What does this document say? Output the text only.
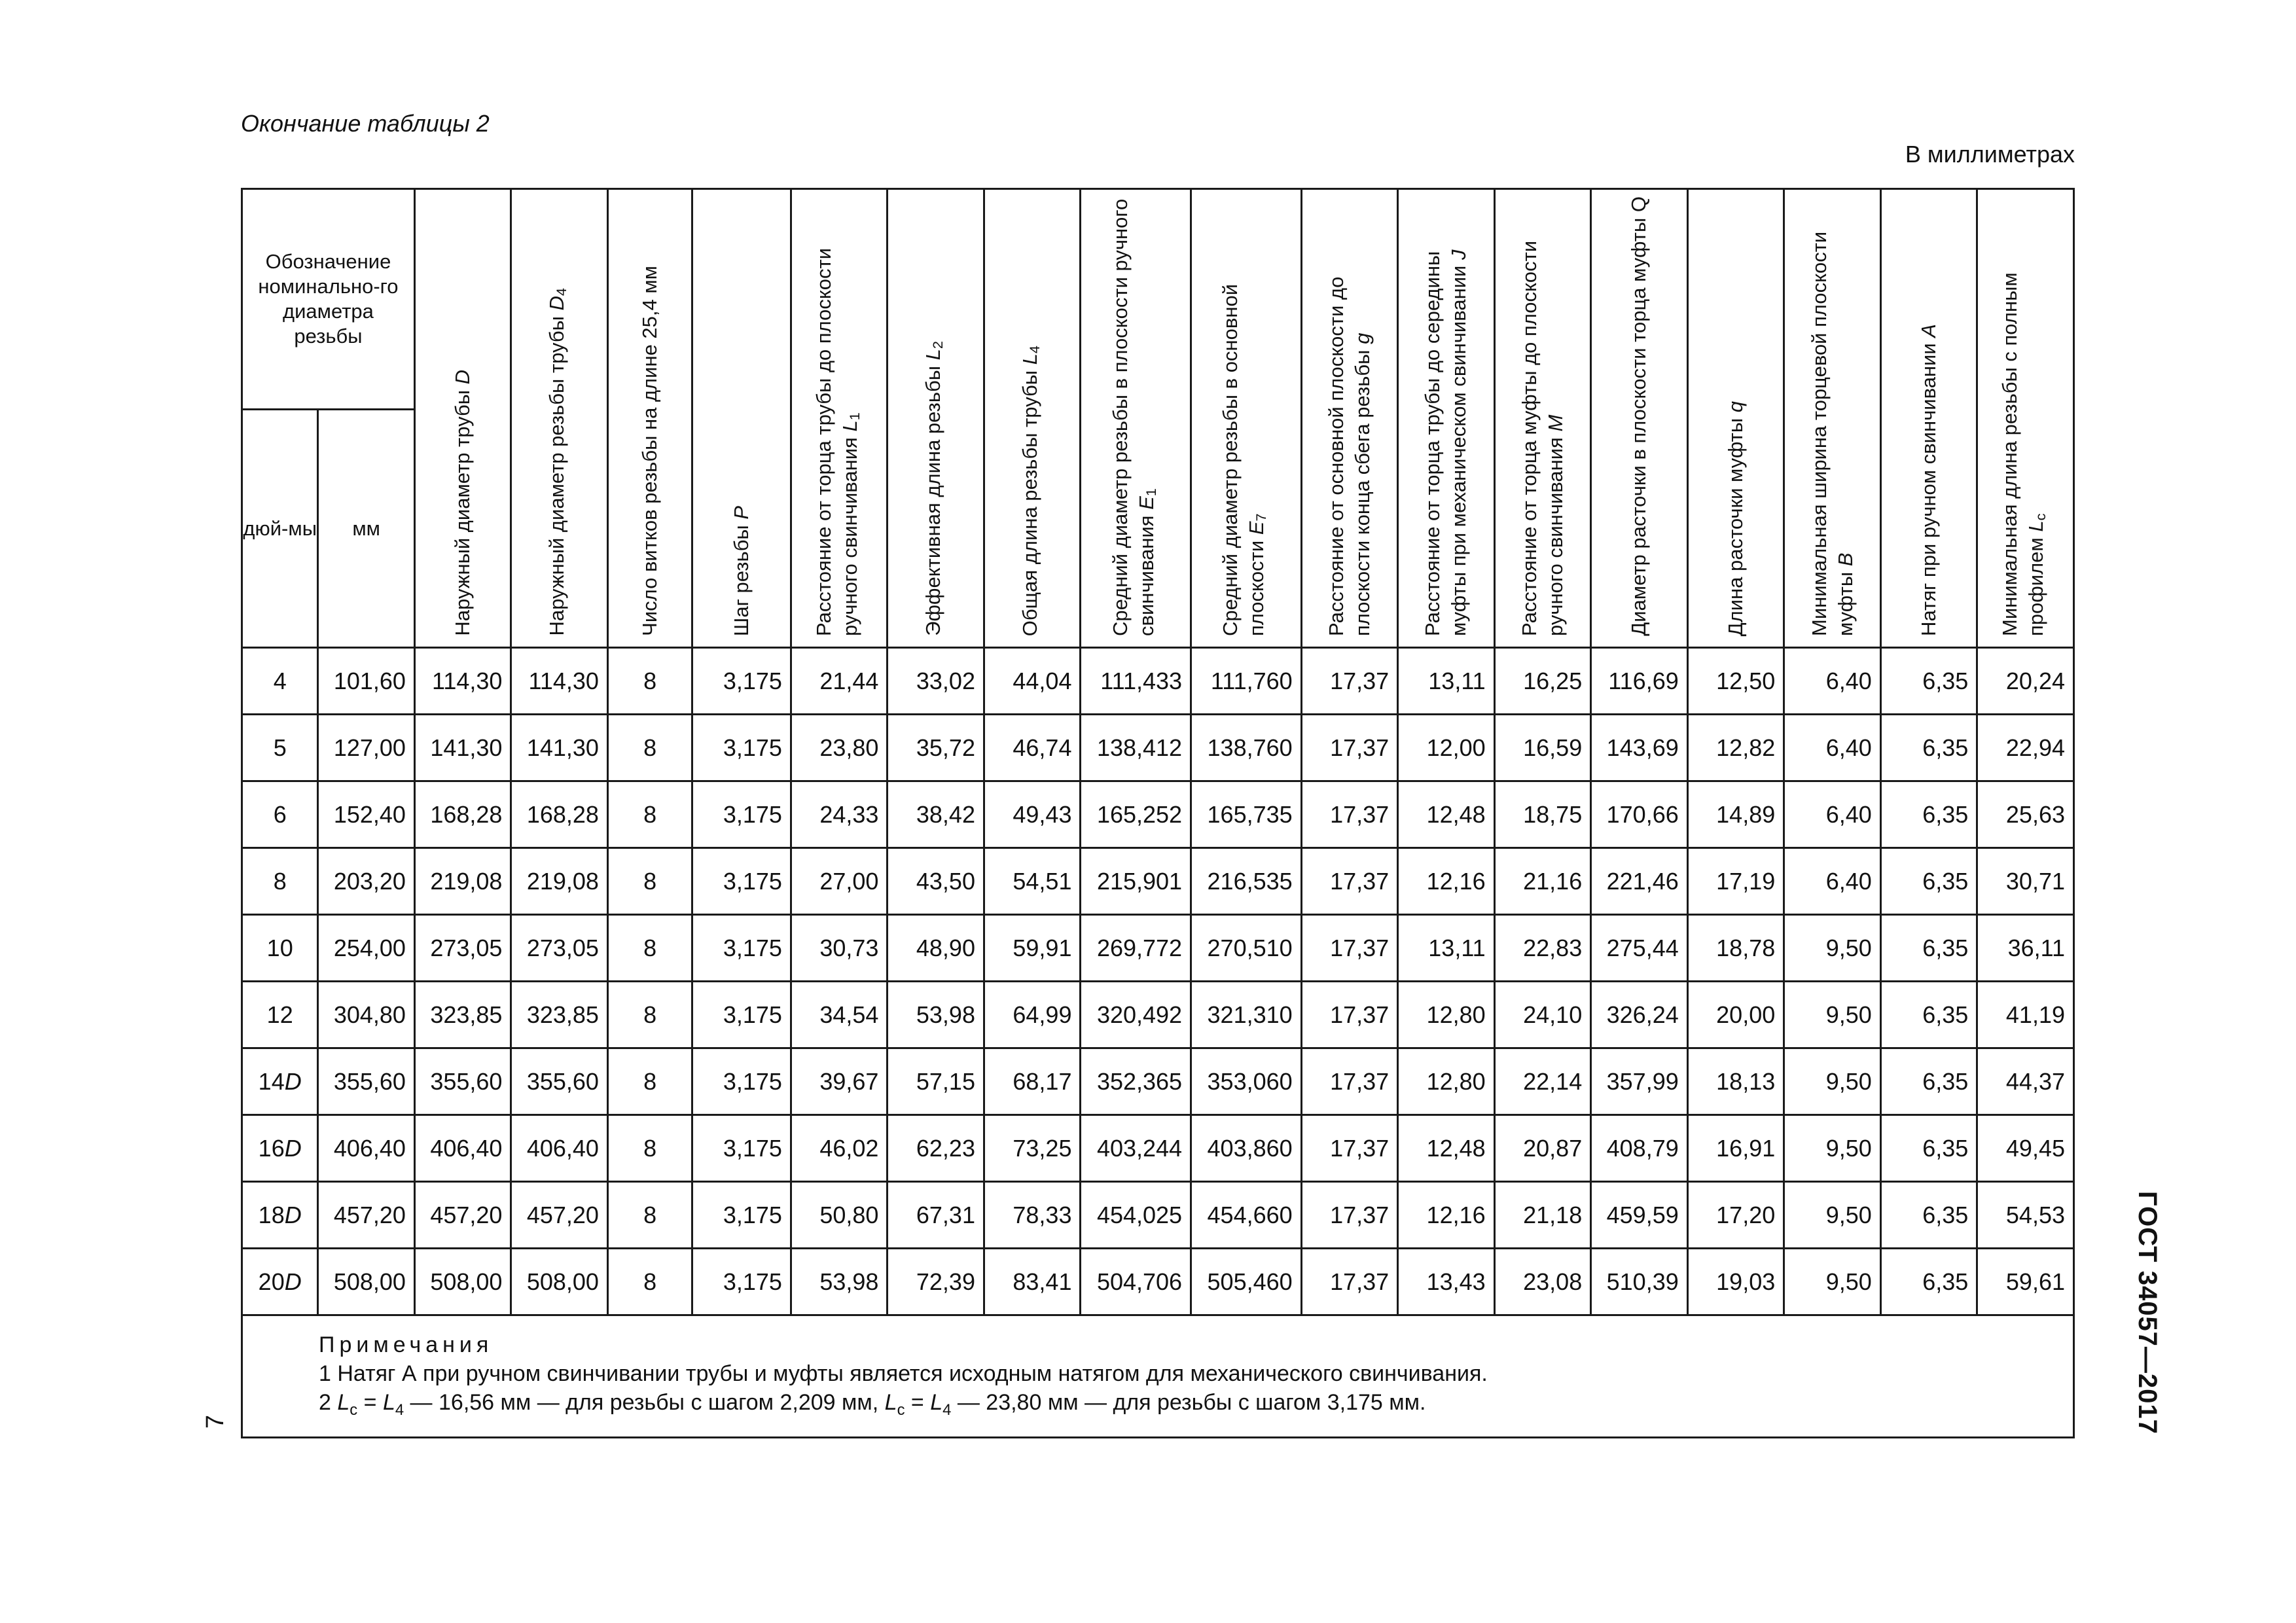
Окончание таблицы 2
В миллиметрах
Обозначение номинально-го диаметра резьбы		Наружный диаметр трубы D	Наружный диаметр резьбы трубы $D_4$	Число витков резьбы на длине 25,4 мм	Шаг резьбы P	Расстояние от торца трубы до плоскости ручного свинчивания $L_1$	Эффективная длина резьбы $L_2$	Общая длина резьбы трубы $L_4$	Средний диаметр резьбы в плоскости ручного свинчивания $E_1$	Средний диаметр резьбы в основной плоскости $E_7$	Расстояние от основной плоскости до плоскости конца сбега резьбы g	Расстояние от торца трубы до середины муфты при механическом свинчивании J	Расстояние от торца муфты до плоскости ручного свинчивания M	Диаметр расточки в плоскости торца муфты Q	Длина расточки муфты q	Минимальная ширина торцевой плоскости муфты B	Натяг при ручном свинчивании A	Минимальная длина резьбы с полным профилем $L_c$

дюй-мы	мм																	
4	101,60	114,30	114,30	8	3,175	21,44	33,02	44,04	111,433	111,760	17,37	13,11	16,25	116,69	12,50	6,40	6,35	20,24
5	127,00	141,30	141,30	8	3,175	23,80	35,72	46,74	138,412	138,760	17,37	12,00	16,59	143,69	12,82	6,40	6,35	22,94
6	152,40	168,28	168,28	8	3,175	24,33	38,42	49,43	165,252	165,735	17,37	12,48	18,75	170,66	14,89	6,40	6,35	25,63
8	203,20	219,08	219,08	8	3,175	27,00	43,50	54,51	215,901	216,535	17,37	12,16	21,16	221,46	17,19	6,40	6,35	30,71
10	254,00	273,05	273,05	8	3,175	30,73	48,90	59,91	269,772	270,510	17,37	13,11	22,83	275,44	18,78	9,50	6,35	36,11
12	304,80	323,85	323,85	8	3,175	34,54	53,98	64,99	320,492	321,310	17,37	12,80	24,10	326,24	20,00	9,50	6,35	41,19
14D	355,60	355,60	355,60	8	3,175	39,67	57,15	68,17	352,365	353,060	17,37	12,80	22,14	357,99	18,13	9,50	6,35	44,37
16D	406,40	406,40	406,40	8	3,175	46,02	62,23	73,25	403,244	403,860	17,37	12,48	20,87	408,79	16,91	9,50	6,35	49,45
18D	457,20	457,20	457,20	8	3,175	50,80	67,31	78,33	454,025	454,660	17,37	12,16	21,18	459,59	17,20	9,50	6,35	54,53
20D	508,00	508,00	508,00	8	3,175	53,98	72,39	83,41	504,706	505,460	17,37	13,43	23,08	510,39	19,03	9,50	6,35	59,61

Примечания
1 Натяг А при ручном свинчивании трубы и муфты является исходным натягом для механического свинчивания.
2 $L_c = L_4$ — 16,56 мм — для резьбы с шагом 2,209 мм, $L_c = L_4$ — 23,80 мм — для резьбы с шагом 3,175 мм.																			ГОСТ 34057—2017
7
